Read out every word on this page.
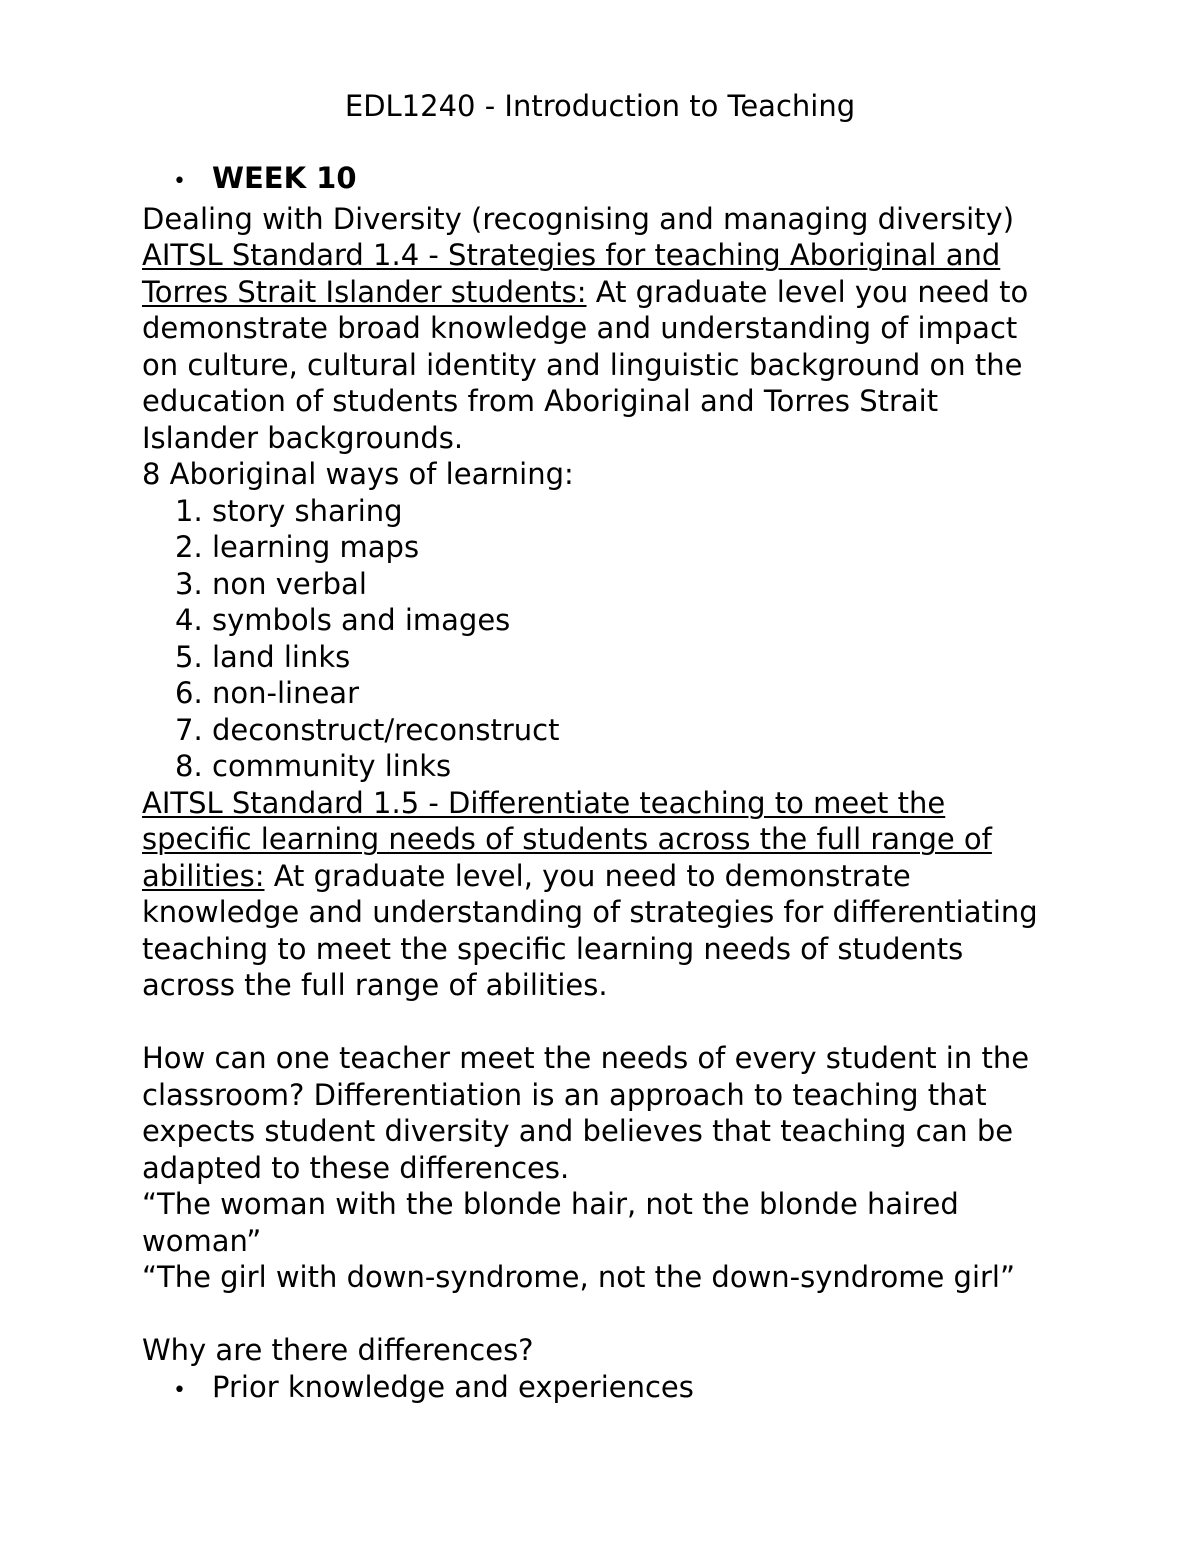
EDL1240 - Introduction to Teaching
• WEEK 10

Dealing with Diversity (recognising and managing diversity)

AITSL Standard 1.4 - Strategies for teaching Aboriginal and Torres Strait Islander students: At graduate level you need to demonstrate broad knowledge and understanding of impact on culture, cultural identity and linguistic background on the education of students from Aboriginal and Torres Strait Islander backgrounds.

8 Aboriginal ways of learning:

1. story sharing
2. learning maps
3. non verbal
4. symbols and images
5. land links
6. non-linear
7. deconstruct/reconstruct
8. community links

AITSL Standard 1.5 - Differentiate teaching to meet the specific learning needs of students across the full range of abilities: At graduate level, you need to demonstrate knowledge and understanding of strategies for differentiating teaching to meet the specific learning needs of students across the full range of abilities.

How can one teacher meet the needs of every student in the classroom? Differentiation is an approach to teaching that expects student diversity and believes that teaching can be adapted to these differences.

“The woman with the blonde hair, not the blonde haired woman”

“The girl with down-syndrome, not the down-syndrome girl”

Why are there differences?

• Prior knowledge and experiences
